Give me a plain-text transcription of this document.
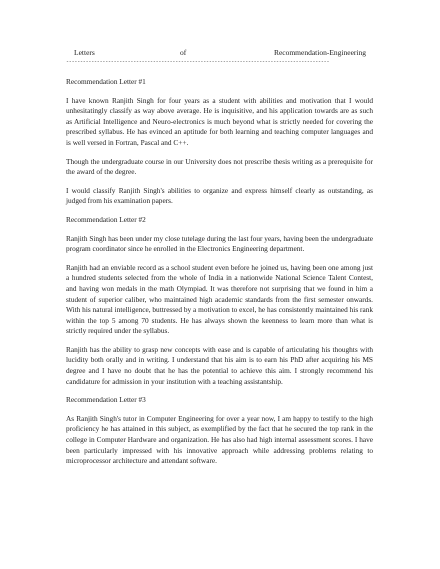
Letters	of	Recommendation-Engineering
----------------------------------------------------------------------------------------------
Recommendation Letter #1

I have known Ranjith Singh for four years as a student with abilities and motivation that I would unhesitatingly classify as way above average. He is inquisitive, and his application towards are as such as Artificial Intelligence and Neuro-electronics is much beyond what is strictly needed for covering the prescribed syllabus. He has evinced an aptitude for both learning and teaching computer languages and is well versed in Fortran, Pascal and C++.

Though the undergraduate course in our University does not prescribe thesis writing as a prerequisite for the award of the degree.

I would classify Ranjith Singh's abilities to organize and express himself clearly as outstanding, as judged from his examination papers.

Recommendation Letter #2

Ranjith Singh has been under my close tutelage during the last four years, having been the undergraduate program coordinator since he enrolled in the Electronics Engineering department.

Ranjith had an enviable record as a school student even before he joined us, having been one among just a hundred students selected from the whole of India in a nationwide National Science Talent Contest, and having won medals in the math Olympiad. It was therefore not surprising that we found in him a student of superior caliber, who maintained high academic standards from the first semester onwards. With his natural intelligence, buttressed by a motivation to excel, he has consistently maintained his rank within the top 5 among 70 students. He has always shown the keenness to learn more than what is strictly required under the syllabus.

Ranjith has the ability to grasp new concepts with ease and is capable of articulating his thoughts with lucidity both orally and in writing. I understand that his aim is to earn his PhD after acquiring his MS degree and I have no doubt that he has the potential to achieve this aim. I strongly recommend his candidature for admission in your institution with a teaching assistantship.

Recommendation Letter #3

As Ranjith Singh's tutor in Computer Engineering for over a year now, I am happy to testify to the high proficiency he has attained in this subject, as exemplified by the fact that he secured the top rank in the college in Computer Hardware and organization. He has also had high internal assessment scores. I have been particularly impressed with his innovative approach while addressing problems relating to microprocessor architecture and attendant software.
